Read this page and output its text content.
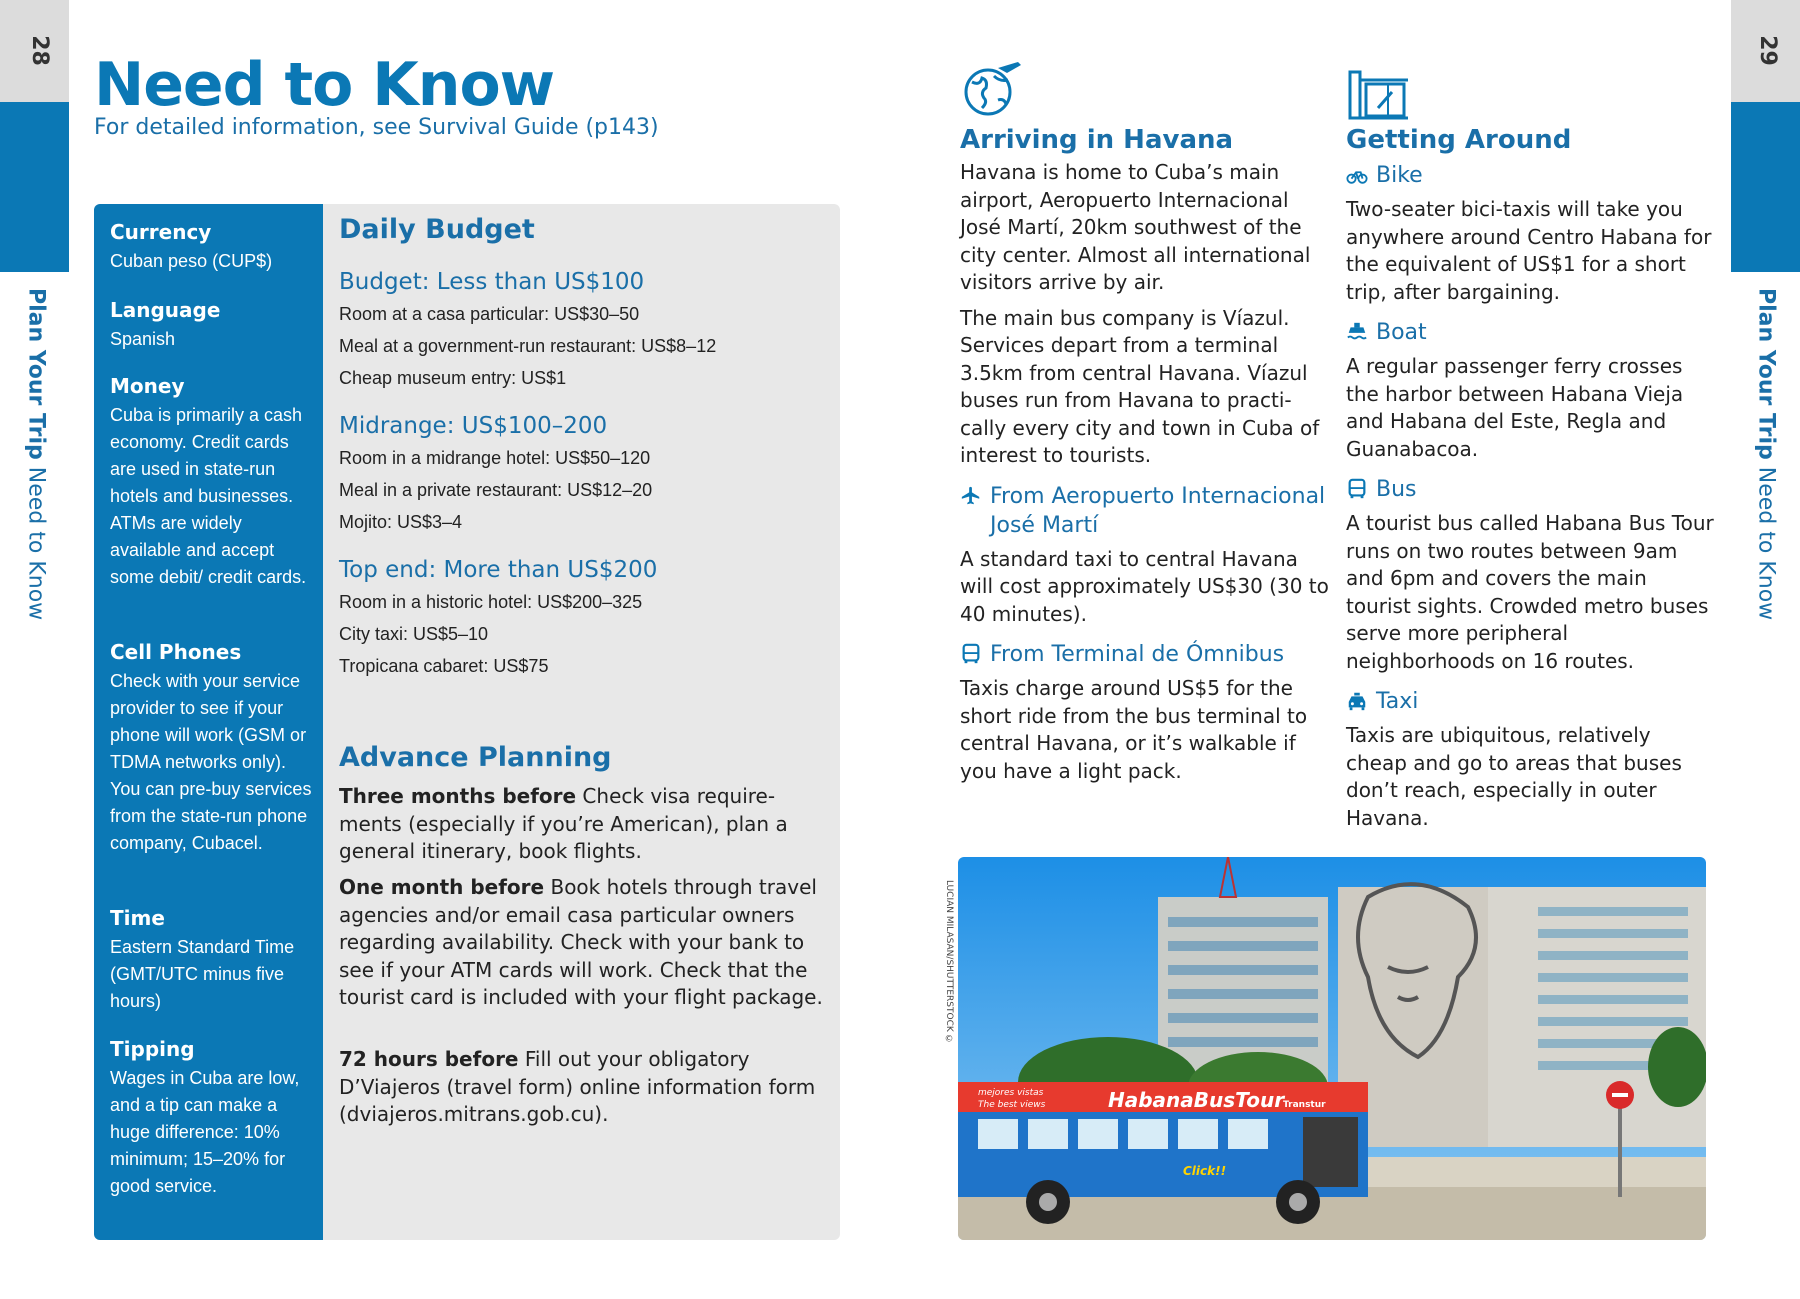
28
Plan Your Trip Need to Know
29
Plan Your Trip Need to Know
Need to Know
For detailed information, see Survival Guide (p143)
Currency

Cuban peso (CUP$)

Language

Spanish

Money

Cuba is primarily a cash economy. Credit cards are used in state-run hotels and businesses. ATMs are widely available and accept some debit/ credit cards.

Cell Phones

Check with your service provider to see if your phone will work (GSM or TDMA networks only). You can pre-buy services from the state-run phone company, Cubacel.

Time

Eastern Standard Time (GMT/UTC minus five hours)

Tipping

Wages in Cuba are low, and a tip can make a huge difference: 10% minimum; 15–20% for good service.

Daily Budget
Budget: Less than US$100
Room at a casa particular: US$30–50
Meal at a government-run restaurant: US$8–12
Cheap museum entry: US$1
Midrange: US$100–200
Room in a midrange hotel: US$50–120
Meal in a private restaurant: US$12–20
Mojito: US$3–4
Top end: More than US$200
Room in a historic hotel: US$200–325
City taxi: US$5–10
Tropicana cabaret: US$75
Advance Planning
Three months before Check visa require-ments (especially if you’re American), plan a general itinerary, book flights.
One month before Book hotels through travel agencies and/or email casa particular owners regarding availability. Check with your bank to see if your ATM cards will work. Check that the tourist card is included with your flight package.
72 hours before Fill out your obligatory D’Viajeros (travel form) online information form (dviajeros.mitrans.gob.cu).
Arriving in Havana

Havana is home to Cuba’s main airport, Aeropuerto Internacional José Martí, 20km southwest of the city center. Almost all international visitors arrive by air.

The main bus company is Víazul. Services depart from a terminal 3.5km from central Havana. Víazul buses run from Havana to practi-cally every city and town in Cuba of interest to tourists.

From Aeropuerto Internacional José Martí

A standard taxi to central Havana will cost approximately US$30 (30 to 40 minutes).

From Terminal de Ómnibus

Taxis charge around US$5 for the short ride from the bus terminal to central Havana, or it’s walkable if you have a light pack.

Getting Around
Bike

Two-seater bici-taxis will take you anywhere around Centro Habana for the equivalent of US$1 for a short trip, after bargaining.

Boat

A regular passenger ferry crosses the harbor between Habana Vieja and Habana del Este, Regla and Guanabacoa.

Bus

A tourist bus called Habana Bus Tour runs on two routes between 9am and 6pm and covers the main tourist sights. Crowded metro buses serve more peripheral neighborhoods on 16 routes.

Taxi

Taxis are ubiquitous, relatively cheap and go to areas that buses don’t reach, especially in outer Havana.

LUCIAN MILASAN/SHUTTERSTOCK ©
mejores vistas
The best views	HabanaBusTour
Transtur
Click!!
